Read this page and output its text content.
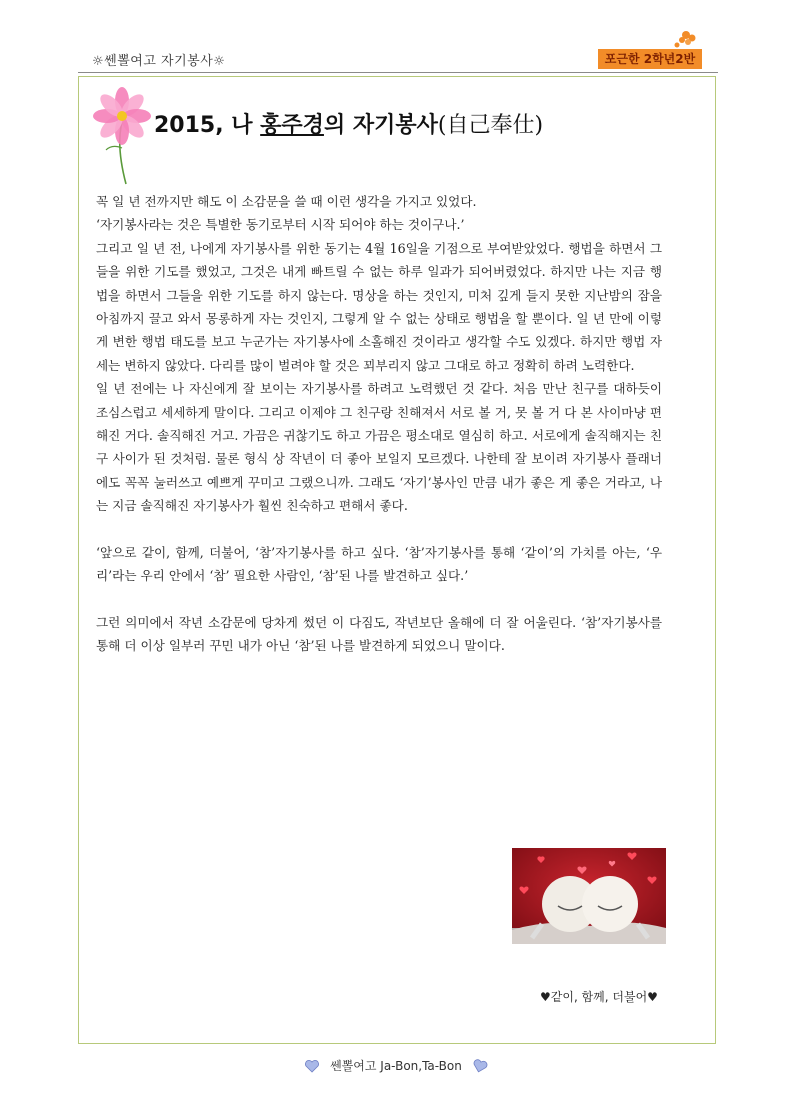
☼쎈뽈여고 자기봉사☼	포근한 2학년2반
2015, 나 홍주경의 자기봉사(自己奉仕)

꼭 일 년 전까지만 해도 이 소감문을 쓸 때 이런 생각을 가지고 있었다.

‘자기봉사라는 것은 특별한 동기로부터 시작 되어야 하는 것이구나.’

그리고 일 년 전, 나에게 자기봉사를 위한 동기는 4월 16일을 기점으로 부여받았었다. 행법을 하면서 그들을 위한 기도를 했었고, 그것은 내게 빠트릴 수 없는 하루 일과가 되어버렸었다. 하지만 나는 지금 행법을 하면서 그들을 위한 기도를 하지 않는다. 명상을 하는 것인지, 미처 깊게 들지 못한 지난밤의 잠을 아침까지 끌고 와서 몽롱하게 자는 것인지, 그렇게 알 수 없는 상태로 행법을 할 뿐이다. 일 년 만에 이렇게 변한 행법 태도를 보고 누군가는 자기봉사에 소홀해진 것이라고 생각할 수도 있겠다. 하지만 행법 자세는 변하지 않았다. 다리를 많이 벌려야 할 것은 꾀부리지 않고 그대로 하고 정확히 하려 노력한다.

일 년 전에는 나 자신에게 잘 보이는 자기봉사를 하려고 노력했던 것 같다. 처음 만난 친구를 대하듯이 조심스럽고 세세하게 말이다. 그리고 이제야 그 친구랑 친해져서 서로 볼 거, 못 볼 거 다 본 사이마냥 편해진 거다. 솔직해진 거고. 가끔은 귀찮기도 하고 가끔은 평소대로 열심히 하고. 서로에게 솔직해지는 친구 사이가 된 것처럼. 물론 형식 상 작년이 더 좋아 보일지 모르겠다. 나한테 잘 보이려 자기봉사 플래너에도 꼭꼭 눌러쓰고 예쁘게 꾸미고 그랬으니까. 그래도 ‘자기’봉사인 만큼 내가 좋은 게 좋은 거라고, 나는 지금 솔직해진 자기봉사가 훨씬 친숙하고 편해서 좋다.

‘앞으로 같이, 함께, 더불어, ‘참’자기봉사를 하고 싶다. ‘참’자기봉사를 통해 ‘같이’의 가치를 아는, ‘우리’라는 우리 안에서 ‘참’ 필요한 사람인, ‘참’된 나를 발견하고 싶다.’

그런 의미에서 작년 소감문에 당차게 썼던 이 다짐도, 작년보단 올해에 더 잘 어울린다. ‘참’자기봉사를 통해 더 이상 일부러 꾸민 내가 아닌 ‘참’된 나를 발견하게 되었으니 말이다.

♥같이, 함께, 더불어♥
쎈뽈여고 Ja-Bon,Ta-Bon
